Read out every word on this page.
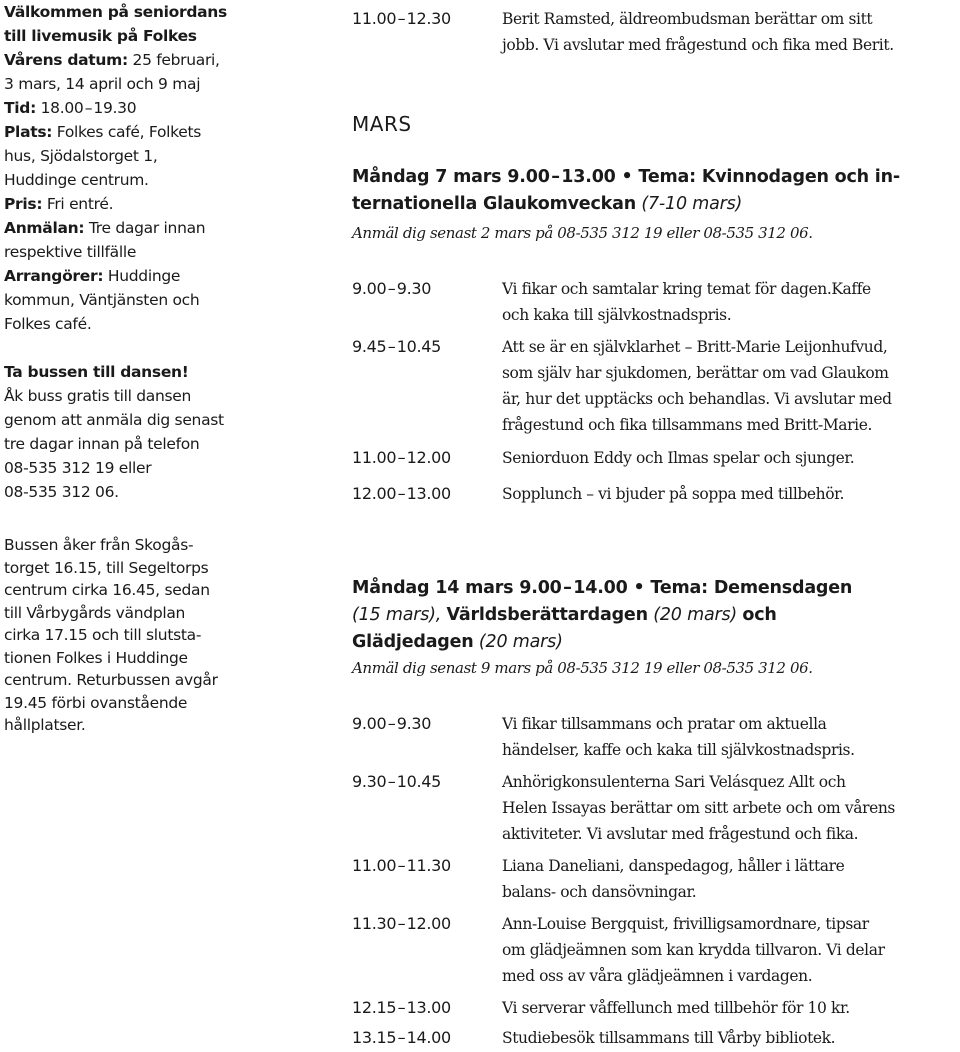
Välkommen på seniordans
till livemusik på Folkes
Vårens datum: 25 februari,
3 mars, 14 april och 9 maj
Tid: 18.00 – 19.30
Plats: Folkes café, Folkets
hus, Sjödalstorget 1,
Huddinge centrum.
Pris: Fri entré.
Anmälan: Tre dagar innan
respektive tillfälle
Arrangörer: Huddinge
kommun, Väntjänsten och
Folkes café.
Ta bussen till dansen!
Åk buss gratis till dansen
genom att anmäla dig senast
tre dagar innan på telefon
08-535 312 19 eller
08-535 312 06.
Bussen åker från Skogås-
torget 16.15, till Segeltorps
centrum cirka 16.45, sedan
till Vårbygårds vändplan
cirka 17.15 och till slutsta-
tionen Folkes i Huddinge
centrum. Returbussen avgår
19.45 förbi ovanstående
hållplatser.
11.00 – 12.30	Berit Ramsted, äldreombudsman berättar om sitt
jobb. Vi avslutar med frågestund och fika med Berit.
MARS
Måndag 7 mars 9.00 – 13.00 • Tema: Kvinnodagen och in-
ternationella Glaukomveckan (7-10 mars)
Anmäl dig senast 2 mars på 08-535 312 19 eller 08-535 312 06.
9.00 – 9.30	Vi fikar och samtalar kring temat för dagen.Kaffe
och kaka till självkostnadspris.
9.45 – 10.45	Att se är en självklarhet – Britt-Marie Leijonhufvud,
som själv har sjukdomen, berättar om vad Glaukom
är, hur det upptäcks och behandlas. Vi avslutar med
frågestund och fika tillsammans med Britt-Marie.
11.00 – 12.00	Seniorduon Eddy och Ilmas spelar och sjunger.
12.00 – 13.00	Sopplunch – vi bjuder på soppa med tillbehör.
Måndag 14 mars 9.00 – 14.00 • Tema: Demensdagen
(15 mars), Världsberättardagen (20 mars) och
Glädjedagen (20 mars)
Anmäl dig senast 9 mars på 08-535 312 19 eller 08-535 312 06.
9.00 – 9.30	Vi fikar tillsammans och pratar om aktuella
händelser, kaffe och kaka till självkostnadspris.
9.30 – 10.45	Anhörigkonsulenterna Sari Velásquez Allt och
Helen Issayas berättar om sitt arbete och om vårens
aktiviteter. Vi avslutar med frågestund och fika.
11.00 – 11.30	Liana Daneliani, danspedagog, håller i lättare
balans- och dansövningar.
11.30 – 12.00	Ann-Louise Bergquist, frivilligsamordnare, tipsar
om glädjeämnen som kan krydda tillvaron. Vi delar
med oss av våra glädjeämnen i vardagen.
12.15 – 13.00	Vi serverar våffellunch med tillbehör för 10 kr.
13.15 – 14.00	Studiebesök tillsammans till Vårby bibliotek.
